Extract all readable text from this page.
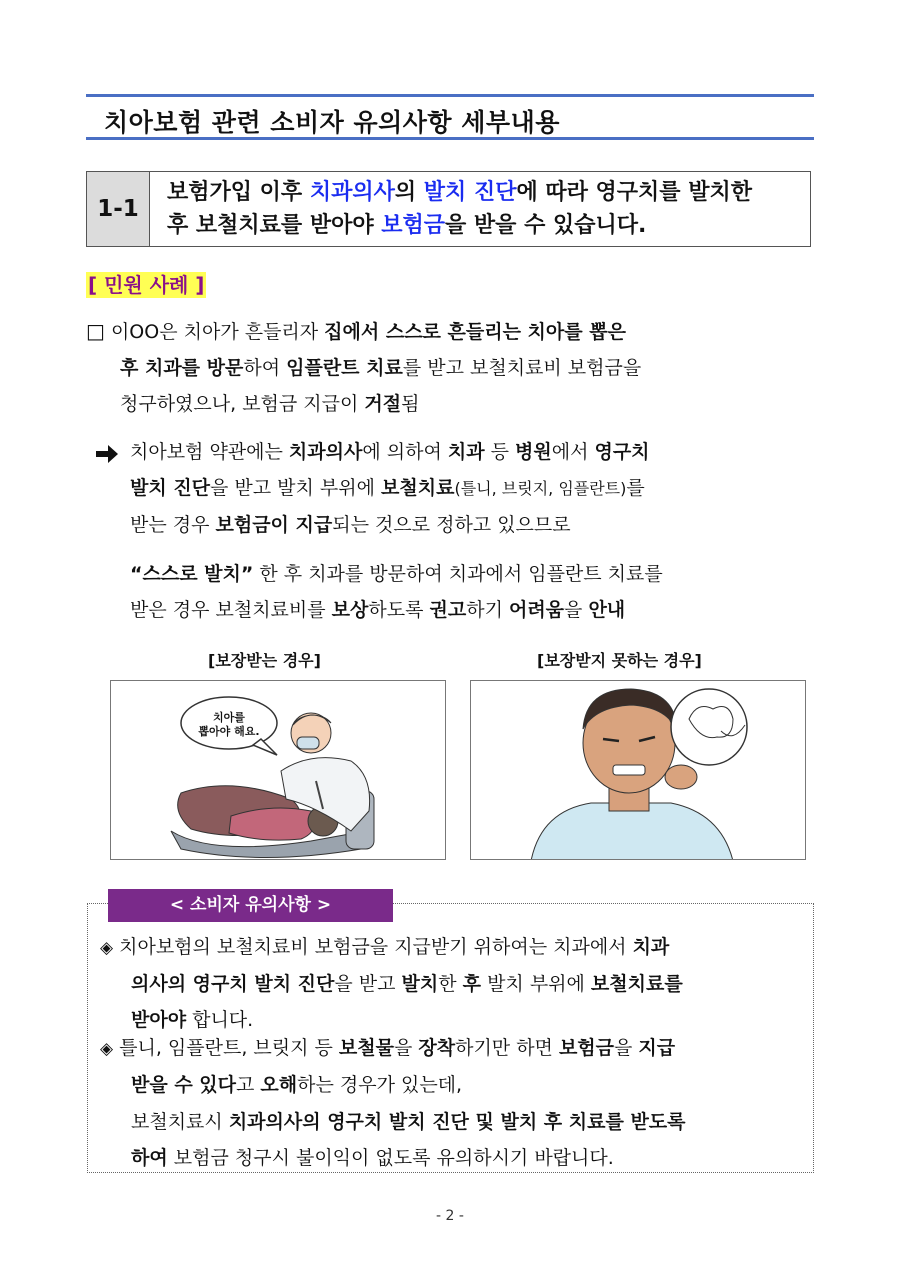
치아보험 관련 소비자 유의사항 세부내용
1-1
보험가입 이후 치과의사의 발치 진단에 따라 영구치를 발치한
후 보철치료를 받아야 보험금을 받을 수 있습니다.
[ 민원 사례 ]
□ 이OO은 치아가 흔들리자 집에서 스스로 흔들리는 치아를 뽑은
후 치과를 방문하여 임플란트 치료를 받고 보철치료비 보험금을
청구하였으나, 보험금 지급이 거절됨
치아보험 약관에는 치과의사에 의하여 치과 등 병원에서 영구치
발치 진단을 받고 발치 부위에 보철치료(틀니, 브릿지, 임플란트)를
받는 경우 보험금이 지급되는 것으로 정하고 있으므로
“스스로 발치” 한 후 치과를 방문하여 치과에서 임플란트 치료를
받은 경우 보철치료비를 보상하도록 권고하기 어려움을 안내
[보장받는 경우]	[보장받지 못하는 경우]
치아를
뽑아야 해요.
< 소비자 유의사항 >
◈ 치아보험의 보철치료비 보험금을 지급받기 위하여는 치과에서 치과
의사의 영구치 발치 진단을 받고 발치한 후 발치 부위에 보철치료를
받아야 합니다.
◈ 틀니, 임플란트, 브릿지 등 보철물을 장착하기만 하면 보험금을 지급
받을 수 있다고 오해하는 경우가 있는데,
보철치료시 치과의사의 영구치 발치 진단 및 발치 후 치료를 받도록
하여 보험금 청구시 불이익이 없도록 유의하시기 바랍니다.
- 2 -
